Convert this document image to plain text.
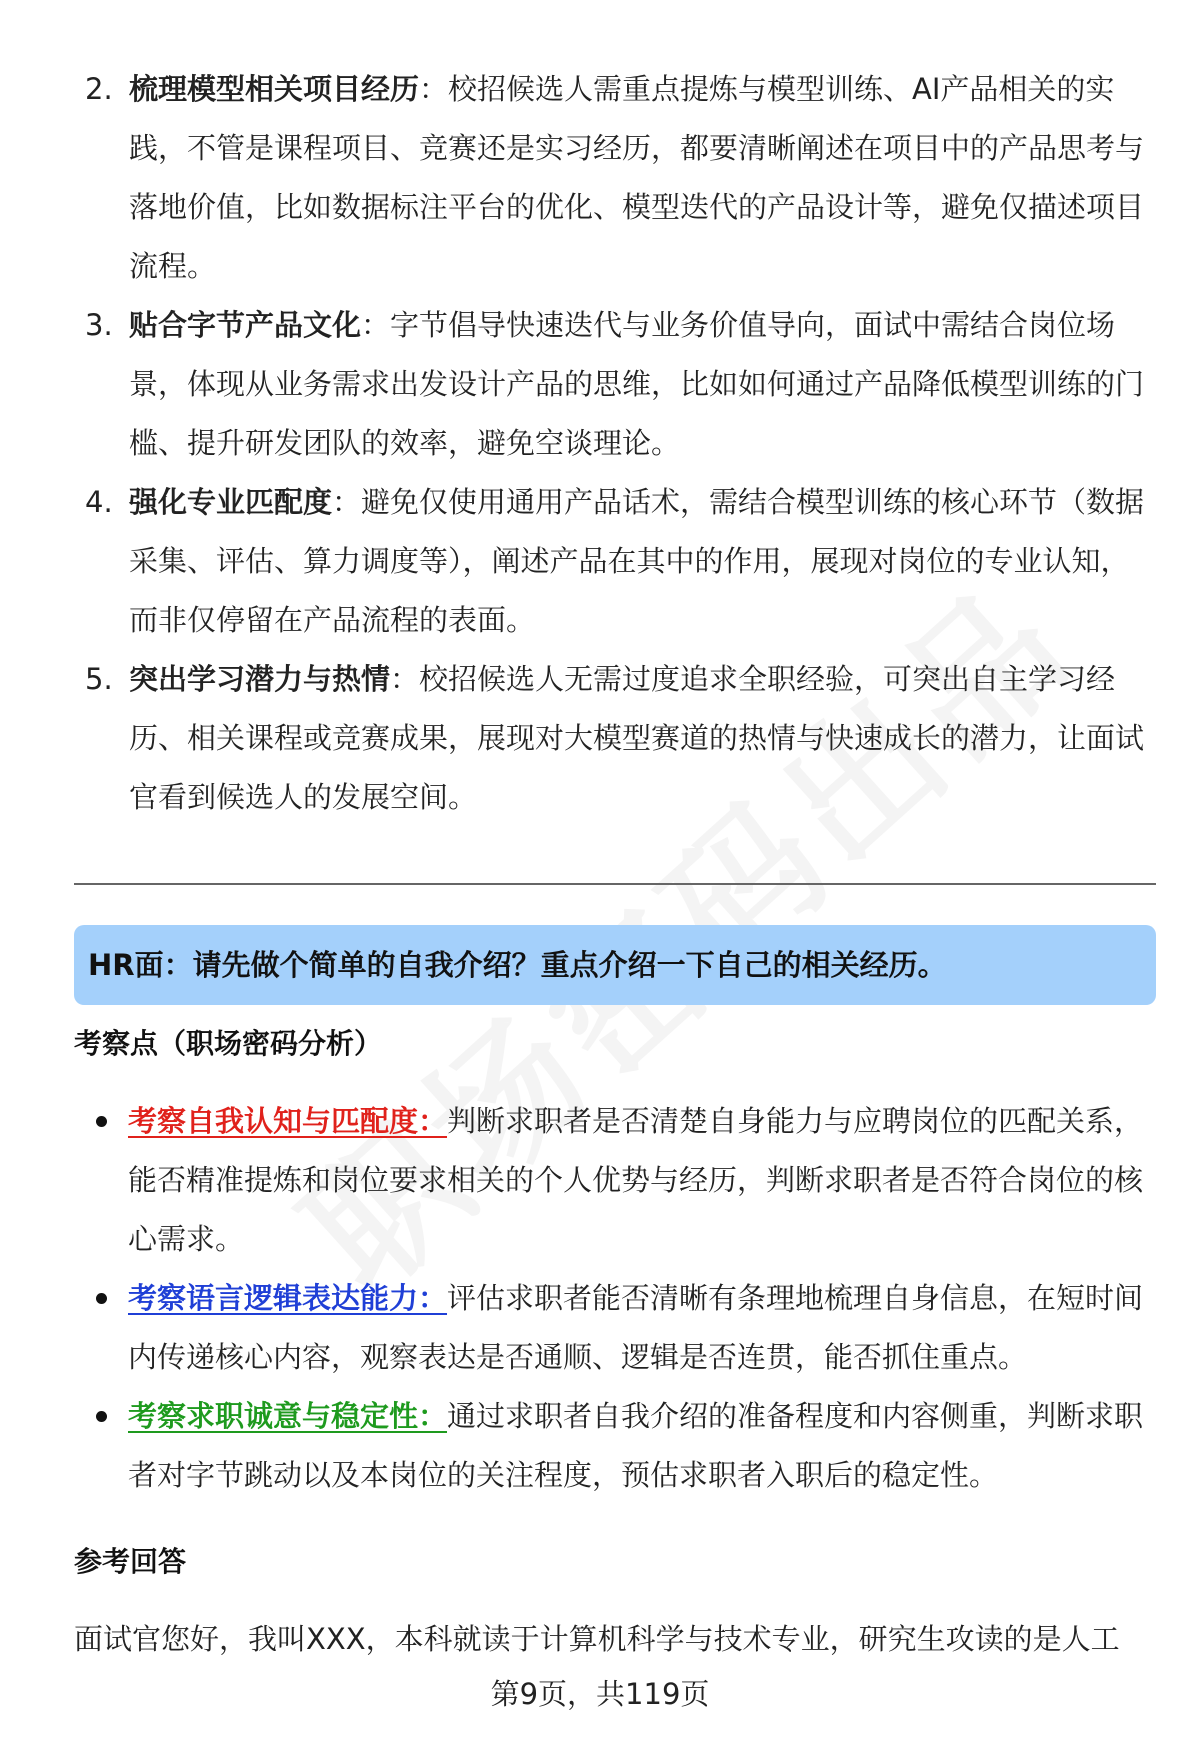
2. 梳理模型相关项目经历：校招候选人需重点提炼与模型训练、AI产品相关的实践，不管是课程项目、竞赛还是实习经历，都要清晰阐述在项目中的产品思考与落地价值，比如数据标注平台的优化、模型迭代的产品设计等，避免仅描述项目流程。
3. 贴合字节产品文化：字节倡导快速迭代与业务价值导向，面试中需结合岗位场景，体现从业务需求出发设计产品的思维，比如如何通过产品降低模型训练的门槛、提升研发团队的效率，避免空谈理论。
4. 强化专业匹配度：避免仅使用通用产品话术，需结合模型训练的核心环节（数据采集、评估、算力调度等），阐述产品在其中的作用，展现对岗位的专业认知，而非仅停留在产品流程的表面。
5. 突出学习潜力与热情：校招候选人无需过度追求全职经验，可突出自主学习经历、相关课程或竞赛成果，展现对大模型赛道的热情与快速成长的潜力，让面试官看到候选人的发展空间。
HR面：请先做个简单的自我介绍？重点介绍一下自己的相关经历。
考察点（职场密码分析）
考察自我认知与匹配度：判断求职者是否清楚自身能力与应聘岗位的匹配关系，能否精准提炼和岗位要求相关的个人优势与经历，判断求职者是否符合岗位的核心需求。
考察语言逻辑表达能力：评估求职者能否清晰有条理地梳理自身信息，在短时间内传递核心内容，观察表达是否通顺、逻辑是否连贯，能否抓住重点。
考察求职诚意与稳定性：通过求职者自我介绍的准备程度和内容侧重，判断求职者对字节跳动以及本岗位的关注程度，预估求职者入职后的稳定性。
参考回答
面试官您好，我叫XXX，本科就读于计算机科学与技术专业，研究生攻读的是人工
第9页，共119页
